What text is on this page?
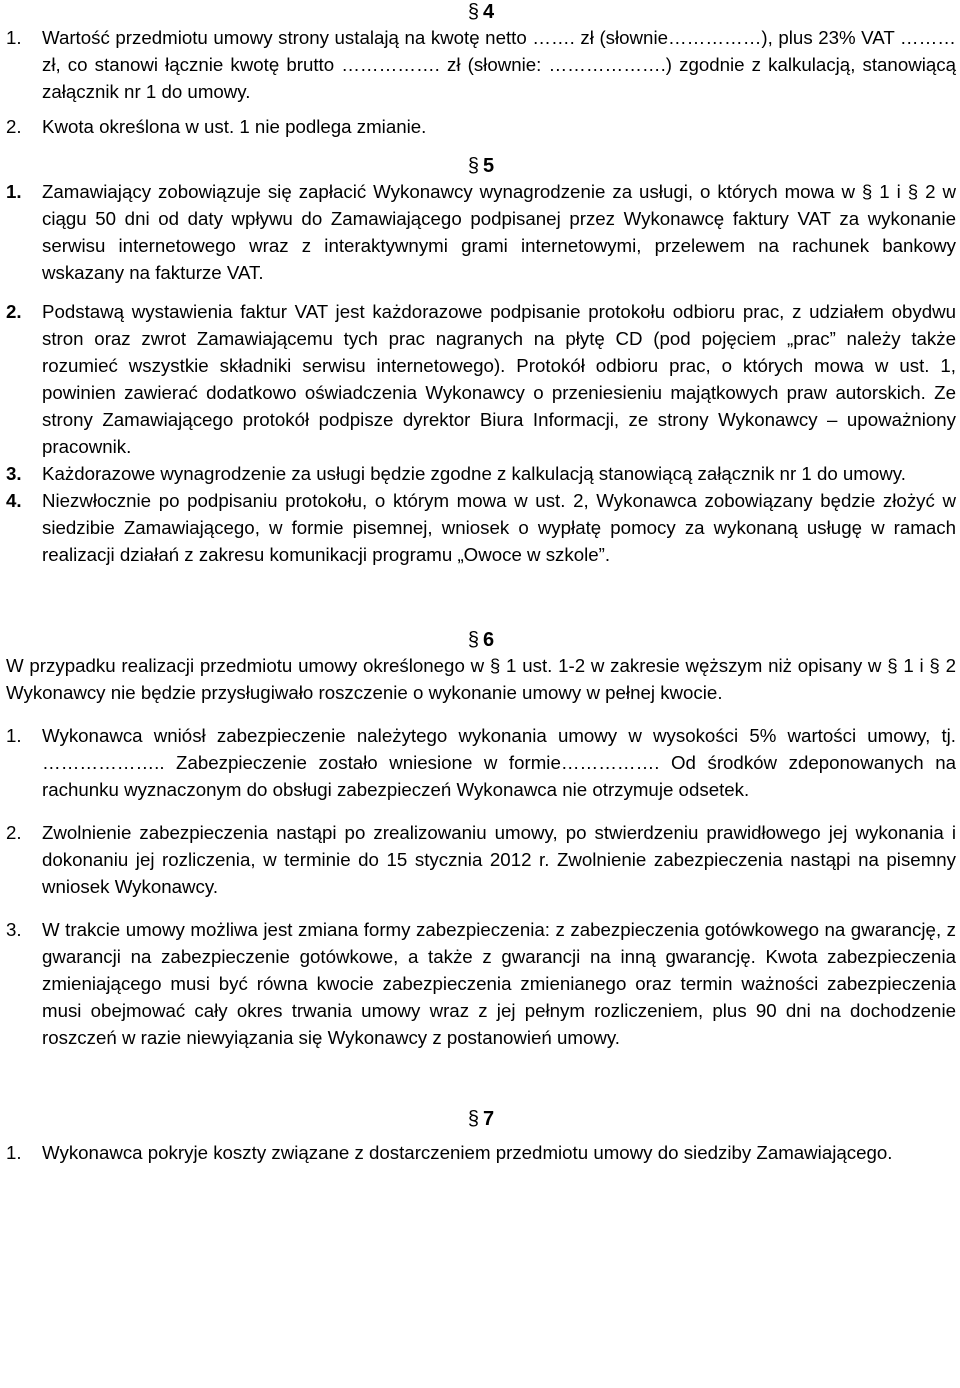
§ 4
1.	Wartość przedmiotu umowy strony ustalają na kwotę netto ……. zł (słownie……………), plus 23% VAT ………zł, co stanowi łącznie kwotę brutto ……………. zł (słownie: ……………….) zgodnie z kalkulacją, stanowiącą załącznik nr 1 do umowy.
2.	Kwota określona w ust. 1 nie podlega zmianie.
§ 5
1.	Zamawiający zobowiązuje się zapłacić Wykonawcy wynagrodzenie za usługi, o których mowa w § 1 i § 2 w ciągu 50 dni od daty wpływu do Zamawiającego podpisanej przez Wykonawcę faktury VAT za wykonanie serwisu internetowego wraz z interaktywnymi grami internetowymi, przelewem na rachunek bankowy wskazany na fakturze VAT.
2.	Podstawą wystawienia faktur VAT jest każdorazowe podpisanie protokołu odbioru prac, z udziałem obydwu stron oraz zwrot Zamawiającemu tych prac nagranych na płytę CD (pod pojęciem „prac” należy także rozumieć wszystkie składniki serwisu internetowego). Protokół odbioru prac, o których mowa w ust. 1, powinien zawierać dodatkowo oświadczenia Wykonawcy o przeniesieniu majątkowych praw autorskich. Ze strony Zamawiającego protokół podpisze dyrektor Biura Informacji, ze strony Wykonawcy – upoważniony pracownik.
3.	Każdorazowe wynagrodzenie za usługi będzie zgodne z kalkulacją stanowiącą załącznik nr 1 do umowy.
4.	Niezwłocznie po podpisaniu protokołu, o którym mowa w ust. 2, Wykonawca zobowiązany będzie złożyć w siedzibie Zamawiającego, w formie pisemnej, wniosek o wypłatę pomocy za wykonaną usługę w ramach realizacji działań z zakresu komunikacji programu „Owoce w szkole”.
§ 6
W przypadku realizacji przedmiotu umowy określonego w § 1 ust. 1-2 w zakresie węższym niż opisany w § 1 i § 2 Wykonawcy nie będzie przysługiwało roszczenie o wykonanie umowy w pełnej kwocie.
1.	Wykonawca wniósł zabezpieczenie należytego wykonania umowy w wysokości 5% wartości umowy, tj. ……………….. Zabezpieczenie zostało wniesione w formie……………. Od środków zdeponowanych na rachunku wyznaczonym do obsługi zabezpieczeń Wykonawca nie otrzymuje odsetek.
2.	Zwolnienie zabezpieczenia nastąpi po zrealizowaniu umowy, po stwierdzeniu prawidłowego jej wykonania i dokonaniu jej rozliczenia, w terminie do 15 stycznia 2012 r. Zwolnienie zabezpieczenia nastąpi na pisemny wniosek Wykonawcy.
3.	W trakcie umowy możliwa jest zmiana formy zabezpieczenia: z zabezpieczenia gotówkowego na gwarancję, z gwarancji na zabezpieczenie gotówkowe, a także z gwarancji na inną gwarancję. Kwota zabezpieczenia zmieniającego musi być równa kwocie zabezpieczenia zmienianego oraz termin ważności zabezpieczenia musi obejmować cały okres trwania umowy wraz z jej pełnym rozliczeniem, plus 90 dni na dochodzenie roszczeń w razie niewyiązania się Wykonawcy z postanowień umowy.
§ 7
1.	Wykonawca pokryje koszty związane z dostarczeniem przedmiotu umowy do siedziby Zamawiającego.
